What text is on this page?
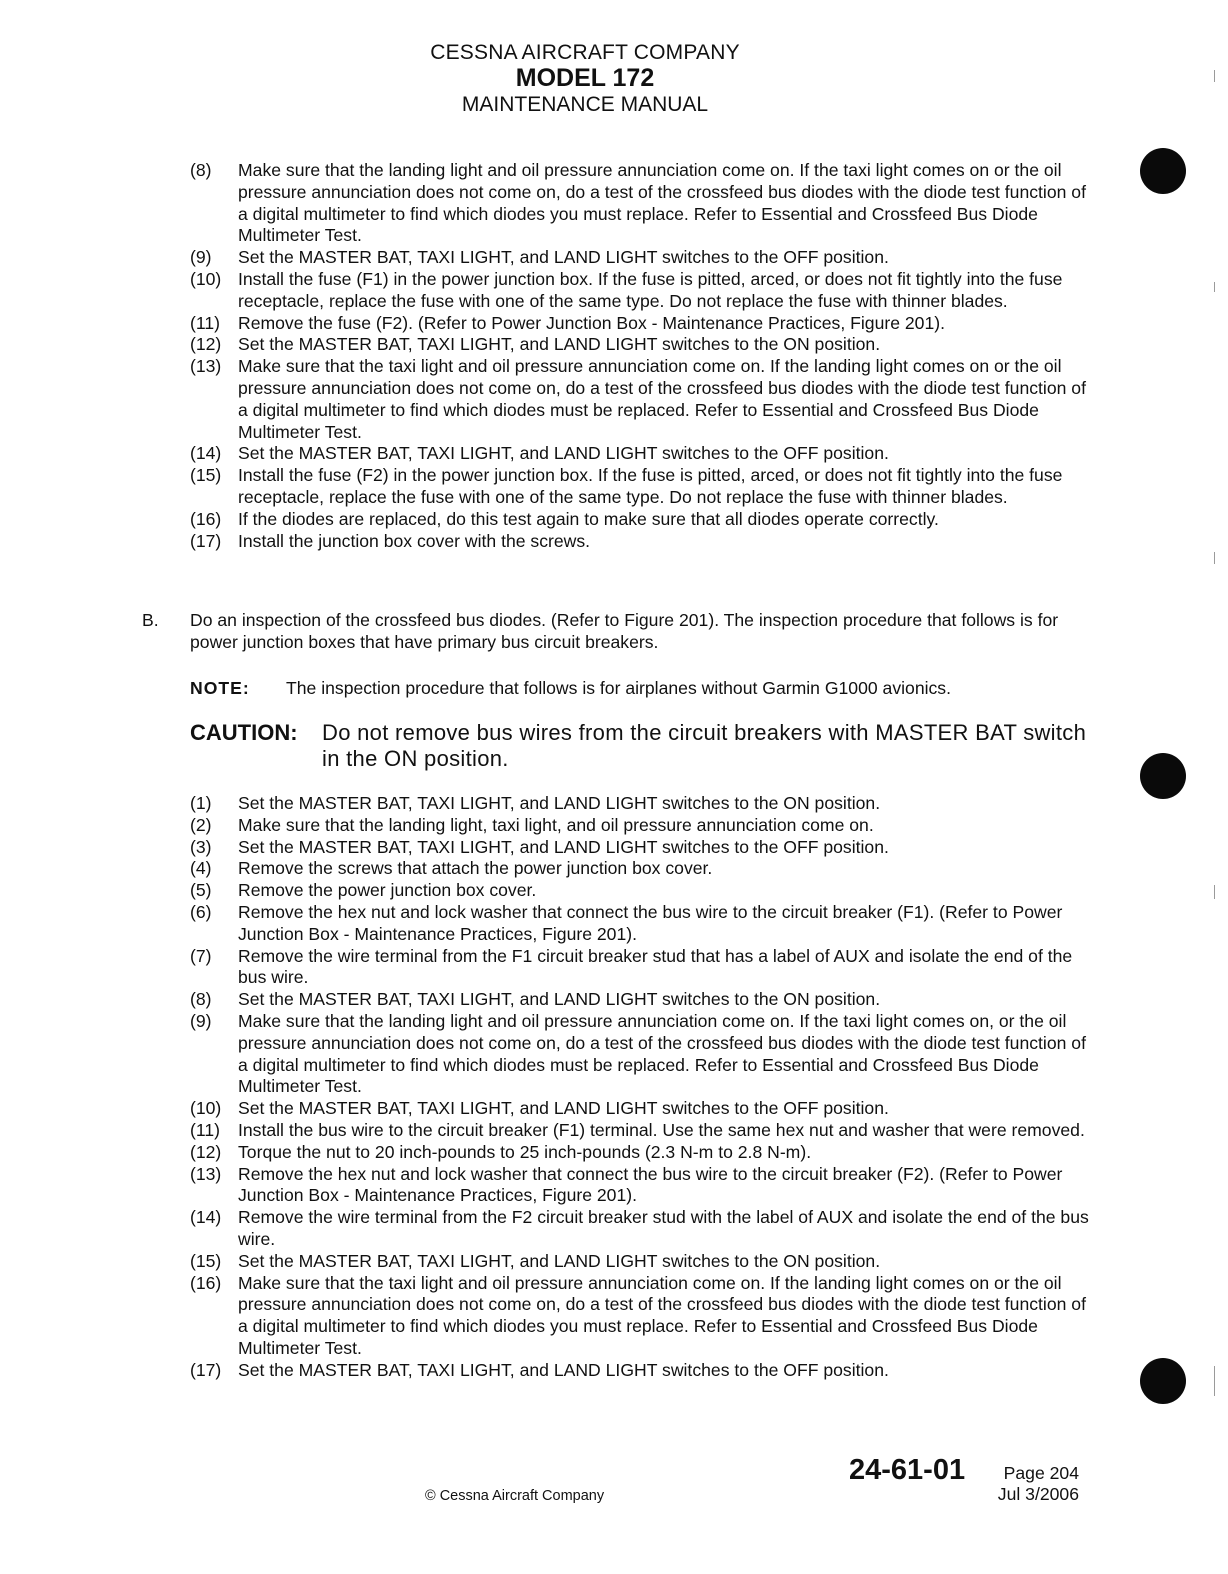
CESSNA AIRCRAFT COMPANY
MODEL 172
MAINTENANCE MANUAL
(8) Make sure that the landing light and oil pressure annunciation come on. If the taxi light comes on or the oil pressure annunciation does not come on, do a test of the crossfeed bus diodes with the diode test function of a digital multimeter to find which diodes you must replace. Refer to Essential and Crossfeed Bus Diode Multimeter Test.
(9) Set the MASTER BAT, TAXI LIGHT, and LAND LIGHT switches to the OFF position.
(10) Install the fuse (F1) in the power junction box. If the fuse is pitted, arced, or does not fit tightly into the fuse receptacle, replace the fuse with one of the same type. Do not replace the fuse with thinner blades.
(11) Remove the fuse (F2). (Refer to Power Junction Box - Maintenance Practices, Figure 201).
(12) Set the MASTER BAT, TAXI LIGHT, and LAND LIGHT switches to the ON position.
(13) Make sure that the taxi light and oil pressure annunciation come on. If the landing light comes on or the oil pressure annunciation does not come on, do a test of the crossfeed bus diodes with the diode test function of a digital multimeter to find which diodes must be replaced. Refer to Essential and Crossfeed Bus Diode Multimeter Test.
(14) Set the MASTER BAT, TAXI LIGHT, and LAND LIGHT switches to the OFF position.
(15) Install the fuse (F2) in the power junction box. If the fuse is pitted, arced, or does not fit tightly into the fuse receptacle, replace the fuse with one of the same type. Do not replace the fuse with thinner blades.
(16) If the diodes are replaced, do this test again to make sure that all diodes operate correctly.
(17) Install the junction box cover with the screws.
B. Do an inspection of the crossfeed bus diodes. (Refer to Figure 201). The inspection procedure that follows is for power junction boxes that have primary bus circuit breakers.
NOTE: The inspection procedure that follows is for airplanes without Garmin G1000 avionics.
CAUTION: Do not remove bus wires from the circuit breakers with MASTER BAT switch in the ON position.
(1) Set the MASTER BAT, TAXI LIGHT, and LAND LIGHT switches to the ON position.
(2) Make sure that the landing light, taxi light, and oil pressure annunciation come on.
(3) Set the MASTER BAT, TAXI LIGHT, and LAND LIGHT switches to the OFF position.
(4) Remove the screws that attach the power junction box cover.
(5) Remove the power junction box cover.
(6) Remove the hex nut and lock washer that connect the bus wire to the circuit breaker (F1). (Refer to Power Junction Box - Maintenance Practices, Figure 201).
(7) Remove the wire terminal from the F1 circuit breaker stud that has a label of AUX and isolate the end of the bus wire.
(8) Set the MASTER BAT, TAXI LIGHT, and LAND LIGHT switches to the ON position.
(9) Make sure that the landing light and oil pressure annunciation come on. If the taxi light comes on, or the oil pressure annunciation does not come on, do a test of the crossfeed bus diodes with the diode test function of a digital multimeter to find which diodes must be replaced. Refer to Essential and Crossfeed Bus Diode Multimeter Test.
(10) Set the MASTER BAT, TAXI LIGHT, and LAND LIGHT switches to the OFF position.
(11) Install the bus wire to the circuit breaker (F1) terminal. Use the same hex nut and washer that were removed.
(12) Torque the nut to 20 inch-pounds to 25 inch-pounds (2.3 N-m to 2.8 N-m).
(13) Remove the hex nut and lock washer that connect the bus wire to the circuit breaker (F2). (Refer to Power Junction Box - Maintenance Practices, Figure 201).
(14) Remove the wire terminal from the F2 circuit breaker stud with the label of AUX and isolate the end of the bus wire.
(15) Set the MASTER BAT, TAXI LIGHT, and LAND LIGHT switches to the ON position.
(16) Make sure that the taxi light and oil pressure annunciation come on. If the landing light comes on or the oil pressure annunciation does not come on, do a test of the crossfeed bus diodes with the diode test function of a digital multimeter to find which diodes you must replace. Refer to Essential and Crossfeed Bus Diode Multimeter Test.
(17) Set the MASTER BAT, TAXI LIGHT, and LAND LIGHT switches to the OFF position.
© Cessna Aircraft Company
24-61-01	Page 204
Jul 3/2006
